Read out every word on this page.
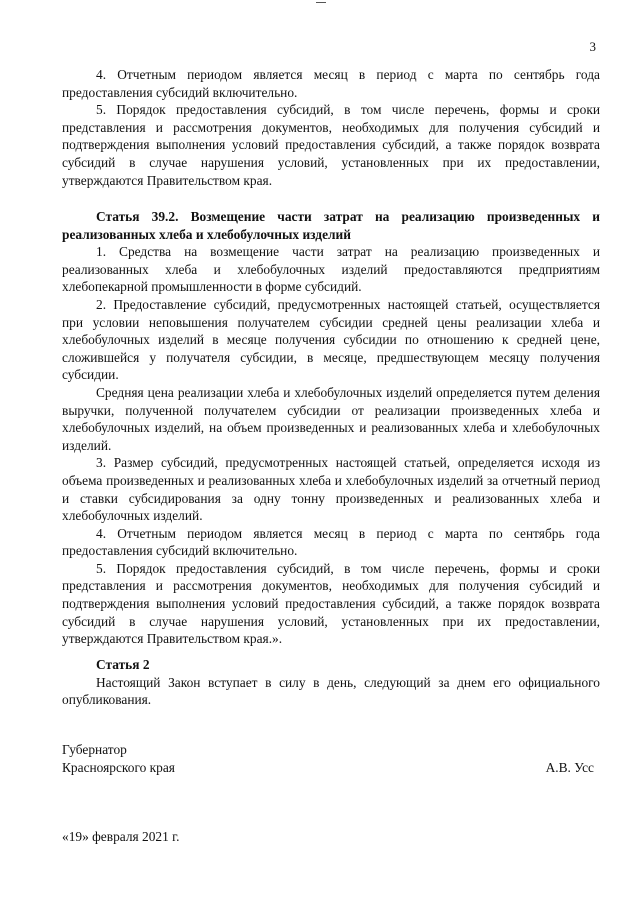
3

4. Отчетным периодом является месяц в период с марта по сентябрь года предоставления субсидий включительно.

5. Порядок предоставления субсидий, в том числе перечень, формы и сроки представления и рассмотрения документов, необходимых для получения субсидий и подтверждения выполнения условий предоставления субсидий, а также порядок возврата субсидий в случае нарушения условий, установленных при их предоставлении, утверждаются Правительством края.

Статья 39.2. Возмещение части затрат на реализацию произведенных и реализованных хлеба и хлебобулочных изделий

1. Средства на возмещение части затрат на реализацию произведенных и реализованных хлеба и хлебобулочных изделий предоставляются предприятиям хлебопекарной промышленности в форме субсидий.

2. Предоставление субсидий, предусмотренных настоящей статьей, осуществляется при условии неповышения получателем субсидии средней цены реализации хлеба и хлебобулочных изделий в месяце получения субсидии по отношению к средней цене, сложившейся у получателя субсидии, в месяце, предшествующем месяцу получения субсидии.

Средняя цена реализации хлеба и хлебобулочных изделий определяется путем деления выручки, полученной получателем субсидии от реализации произведенных хлеба и хлебобулочных изделий, на объем произведенных и реализованных хлеба и хлебобулочных изделий.

3. Размер субсидий, предусмотренных настоящей статьей, определяется исходя из объема произведенных и реализованных хлеба и хлебобулочных изделий за отчетный период и ставки субсидирования за одну тонну произведенных и реализованных хлеба и хлебобулочных изделий.

4. Отчетным периодом является месяц в период с марта по сентябрь года предоставления субсидий включительно.

5. Порядок предоставления субсидий, в том числе перечень, формы и сроки представления и рассмотрения документов, необходимых для получения субсидий и подтверждения выполнения условий предоставления субсидий, а также порядок возврата субсидий в случае нарушения условий, установленных при их предоставлении, утверждаются Правительством края.».

Статья 2

Настоящий Закон вступает в силу в день, следующий за днем его официального опубликования.

Губернатор
Красноярского края	А.В. Усс
«19» февраля 2021 г.
